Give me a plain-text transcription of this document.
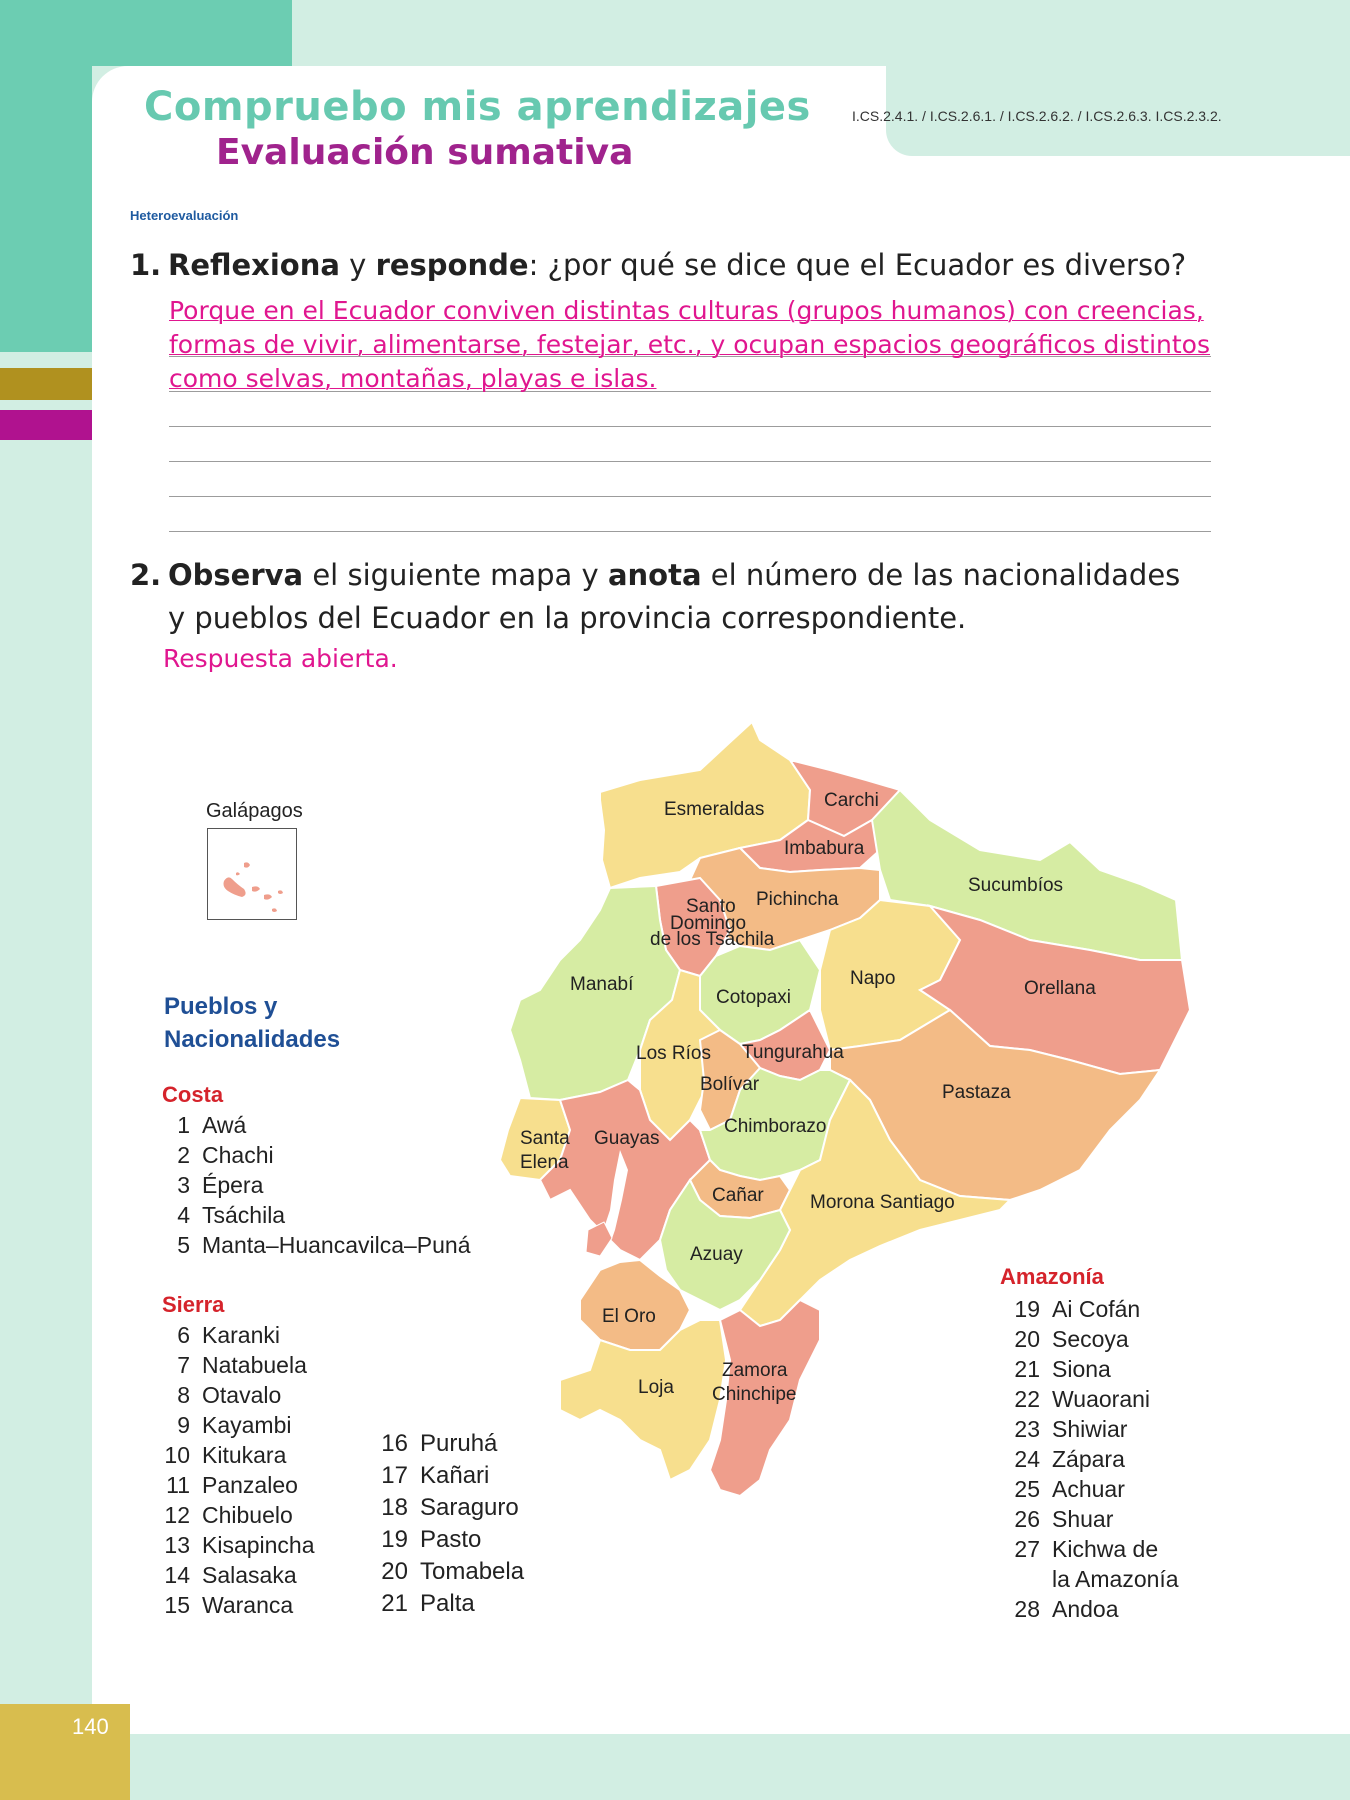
Compruebo mis aprendizajes
Evaluación sumativa
I.CS.2.4.1. / I.CS.2.6.1. / I.CS.2.6.2. / I.CS.2.6.3. I.CS.2.3.2.
Heteroevaluación
1. Reflexiona y responde: ¿por qué se dice que el Ecuador es diverso?
Porque en el Ecuador conviven distintas culturas (grupos humanos) con creencias, formas de vivir, alimentarse, festejar, etc., y ocupan espacios geográficos distintos como selvas, montañas, playas e islas.
2. Observa el siguiente mapa y anota el número de las nacionalidades
y pueblos del Ecuador en la provincia correspondiente.
Respuesta abierta.
Galápagos	Esmeraldas	Carchi
Imbabura
Sucumbíos
Pichincha
Santo
Domingo
de los Tsáchila
Manabí	Napo	Orellana
Cotopaxi
Los Ríos Tungurahua
Bolívar	Pastaza
Santa
Elena
Guayas
Chimborazo
Cañar Morona Santiago
Azuay
El Oro
Loja
Zamora
Chinchipe
Pueblos y
Nacionalidades
Costa
1 Awá
2 Chachi
3 Épera
4 Tsáchila
5 Manta–Huancavilca–Puná
Sierra
6 Karanki
7 Natabuela
8 Otavalo
9 Kayambi
10 Kitukara
11 Panzaleo
12 Chibuelo
13 Kisapincha
14 Salasaka
15 Waranca
16 Puruhá
17 Kañari
18 Saraguro
19 Pasto
20 Tomabela
21 Palta
Amazonía
19 Ai Cofán
20 Secoya
21 Siona
22 Wuaorani
23 Shiwiar
24 Zápara
25 Achuar
26 Shuar
27 Kichwa de
la Amazonía
28 Andoa
140
